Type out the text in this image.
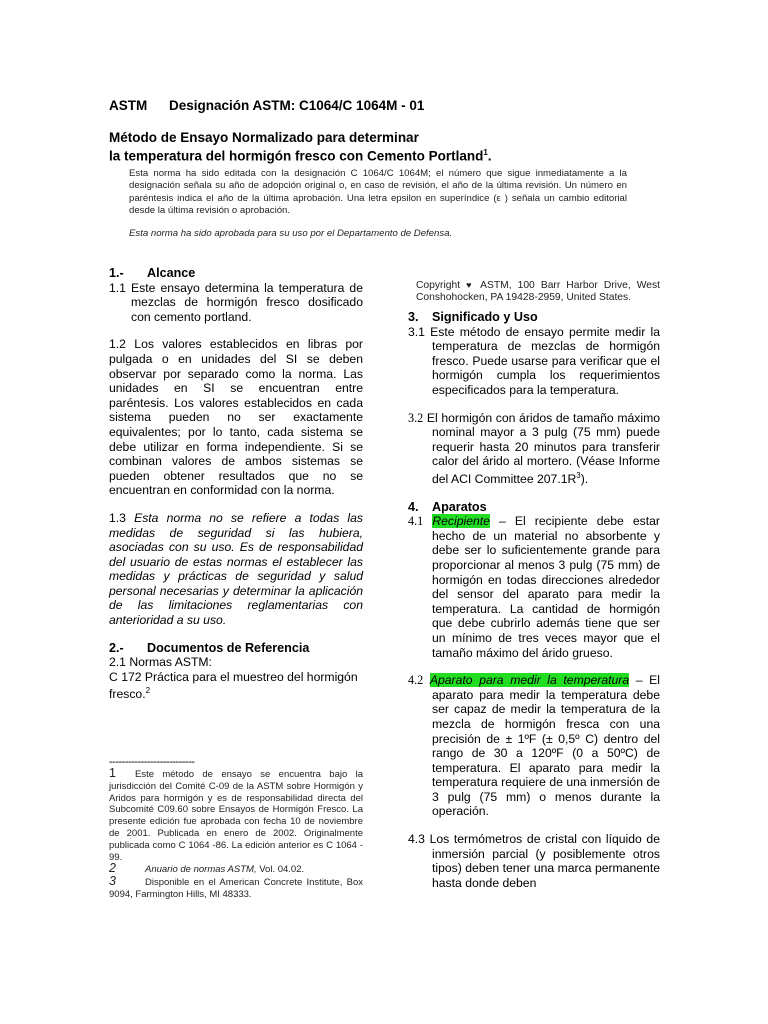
ASTM Designación ASTM: C1064/C 1064M - 01
Método de Ensayo Normalizado para determinar
la temperatura del hormigón fresco con Cemento Portland$^1$.
Esta norma ha sido editada con la designación C 1064/C 1064M; el número que sigue inmediatamente a la designación señala su año de adopción original o, en caso de revisión, el año de la última revisión. Un número en paréntesis indica el año de la última aprobación. Una letra epsilon en superíndice (ε ) señala un cambio editorial desde la última revisión o aprobación.
Esta norma ha sido aprobada para su uso por el Departamento de Defensa.
1.- Alcance
1.1 Este ensayo determina la temperatura de mezclas de hormigón fresco dosificado con cemento portland.
1.2 Los valores establecidos en libras por pulgada o en unidades del SI se deben observar por separado como la norma. Las unidades en SI se encuentran entre paréntesis. Los valores establecidos en cada sistema pueden no ser exactamente equivalentes; por lo tanto, cada sistema se debe utilizar en forma independiente. Si se combinan valores de ambos sistemas se pueden obtener resultados que no se encuentran en conformidad con la norma.
1.3 Esta norma no se refiere a todas las medidas de seguridad si las hubiera, asociadas con su uso. Es de responsabilidad del usuario de estas normas el establecer las medidas y prácticas de seguridad y salud personal necesarias y determinar la aplicación de las limitaciones reglamentarias con anterioridad a su uso.
2.- Documentos de Referencia
2.1 Normas ASTM:
C 172 Práctica para el muestreo del hormigón fresco.$^2$
---------------------------
1 Este método de ensayo se encuentra bajo la jurisdicción del Comité C-09 de la ASTM sobre Hormigón y Aridos para hormigón y es de responsabilidad directa del Subcomité C09.60 sobre Ensayos de Hormigón Fresco. La presente edición fue aprobada con fecha 10 de noviembre de 2001. Publicada en enero de 2002. Originalmente publicada como C 1064 -86. La edición anterior es C 1064 - 99.
2	Anuario de normas ASTM, Vol. 04.02.
3	Disponible en el American Concrete Institute, Box 9094, Farmington Hills, MI 48333.
Copyright ♥ ASTM, 100 Barr Harbor Drive, West Conshohocken, PA 19428-2959, United States.
3. Significado y Uso
3.1 Este método de ensayo permite medir la temperatura de mezclas de hormigón fresco. Puede usarse para verificar que el hormigón cumpla los requerimientos especificados para la temperatura.
3.2 El hormigón con áridos de tamaño máximo nominal mayor a 3 pulg (75 mm) puede requerir hasta 20 minutos para transferir calor del árido al mortero. (Véase Informe del ACI Committee $207.1R^3$).
4. Aparatos
4.1 Recipiente – El recipiente debe estar hecho de un material no absorbente y debe ser lo suficientemente grande para proporcionar al menos 3 pulg (75 mm) de hormigón en todas direcciones alrededor del sensor del aparato para medir la temperatura. La cantidad de hormigón que debe cubrirlo además tiene que ser un mínimo de tres veces mayor que el tamaño máximo del árido grueso.
4.2 Aparato para medir la temperatura – El aparato para medir la temperatura debe ser capaz de medir la temperatura de la mezcla de hormigón fresca con una precisión de ± 1ºF (± 0,5º C) dentro del rango de 30 a 120ºF (0 a 50ºC) de temperatura. El aparato para medir la temperatura requiere de una inmersión de 3 pulg (75 mm) o menos durante la operación.
4.3 Los termómetros de cristal con líquido de inmersión parcial (y posiblemente otros tipos) deben tener una marca permanente hasta donde deben
